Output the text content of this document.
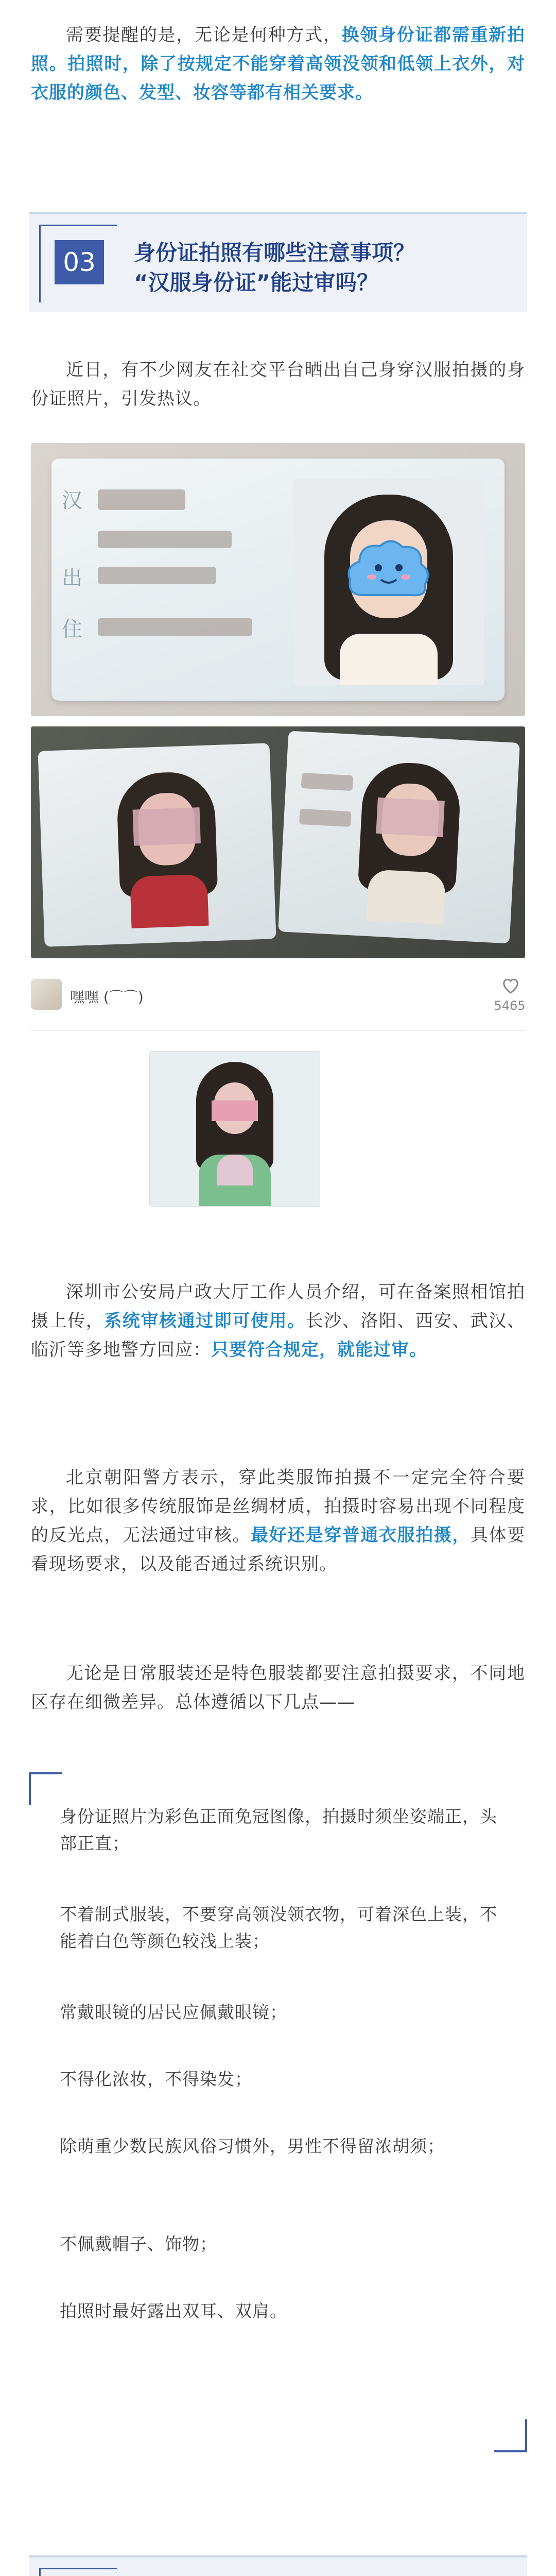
需要提醒的是，无论是何种方式，换领身份证都需重新拍照。拍照时，除了按规定不能穿着高领没领和低领上衣外，对衣服的颜色、发型、妆容等都有相关要求。

03	身份证拍照有哪些注意事项？
“汉服身份证”能过审吗？

近日，有不少网友在社交平台晒出自己身穿汉服拍摄的身份证照片，引发热议。

汉
出
住
嘿嘿 (⌒⌒)	5465

深圳市公安局户政大厅工作人员介绍，可在备案照相馆拍摄上传，系统审核通过即可使用。长沙、洛阳、西安、武汉、临沂等多地警方回应：只要符合规定，就能过审。

北京朝阳警方表示，穿此类服饰拍摄不一定完全符合要求，比如很多传统服饰是丝绸材质，拍摄时容易出现不同程度的反光点，无法通过审核。最好还是穿普通衣服拍摄，具体要看现场要求，以及能否通过系统识别。

无论是日常服装还是特色服装都要注意拍摄要求，不同地区存在细微差异。总体遵循以下几点——

身份证照片为彩色正面免冠图像，拍摄时须坐姿端正，头部正直；
不着制式服装，不要穿高领没领衣物，可着深色上装，不能着白色等颜色较浅上装；
常戴眼镜的居民应佩戴眼镜；
不得化浓妆，不得染发；
除萌重少数民族风俗习惯外，男性不得留浓胡须；
不佩戴帽子、饰物；
拍照时最好露出双耳、双肩。
